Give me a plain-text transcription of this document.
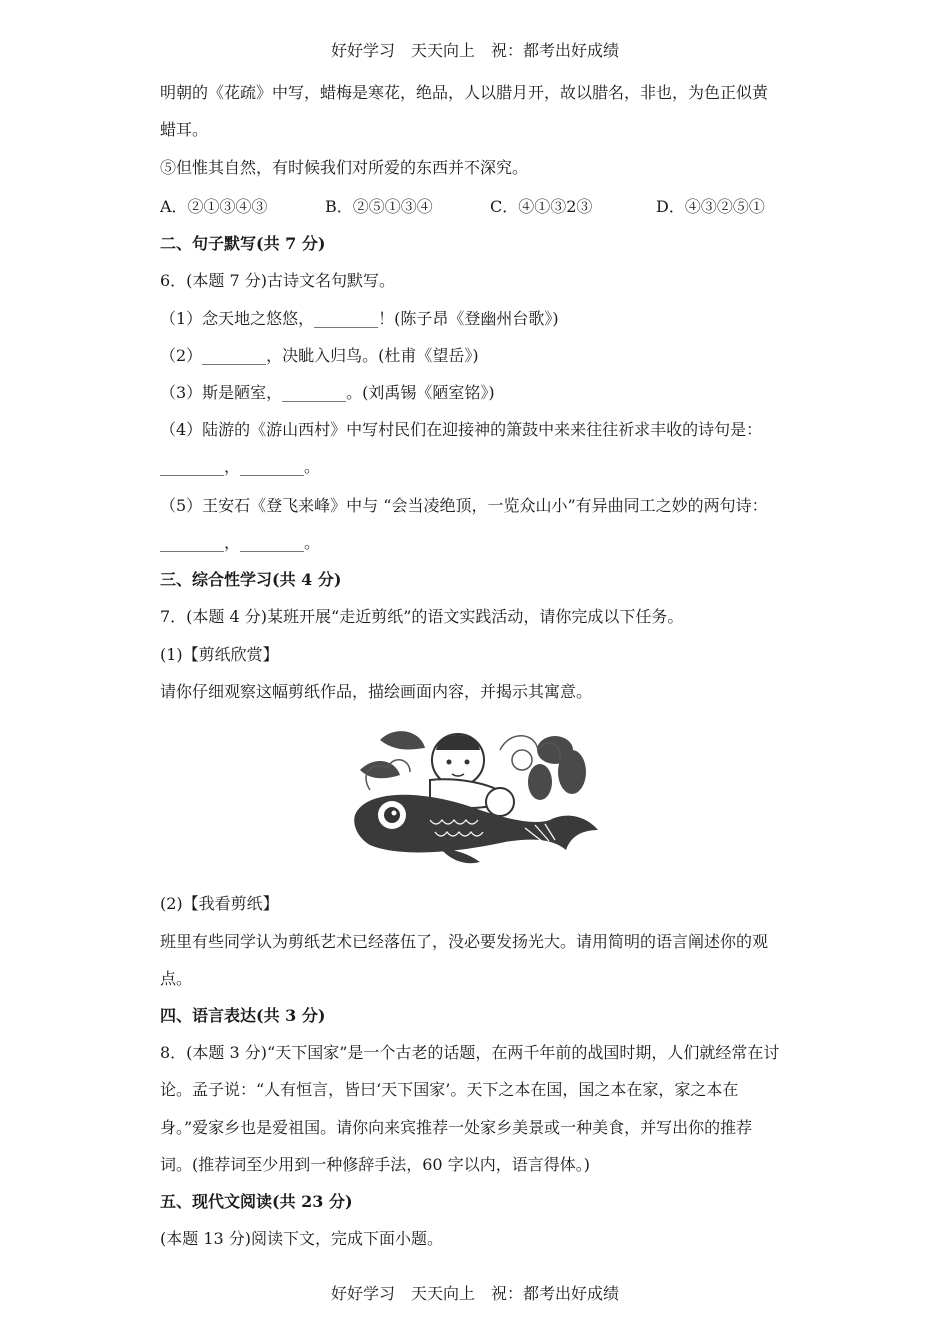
好好学习　天天向上　祝：都考出好成绩
明朝的《花疏》中写，蜡梅是寒花，绝品，人以腊月开，故以腊名，非也，为色正似黄
蜡耳。
⑤但惟其自然，有时候我们对所爱的东西并不深究。
A．②①③④③	B．②⑤①③④	C．④①③2③	D．④③②⑤①
二、句子默写(共 7 分)
6．(本题 7 分)古诗文名句默写。
（1）念天地之悠悠，________！(陈子昂《登幽州台歌》)
（2）________，决眦入归鸟。(杜甫《望岳》)
（3）斯是陋室，________。(刘禹锡《陋室铭》)
（4）陆游的《游山西村》中写村民们在迎接神的箫鼓中来来往往祈求丰收的诗句是：
________，________。
（5）王安石《登飞来峰》中与 “会当凌绝顶，一览众山小”有异曲同工之妙的两句诗：
________，________。
三、综合性学习(共 4 分)
7．(本题 4 分)某班开展“走近剪纸”的语文实践活动，请你完成以下任务。
(1)【剪纸欣赏】
请你仔细观察这幅剪纸作品，描绘画面内容，并揭示其寓意。
(2)【我看剪纸】
班里有些同学认为剪纸艺术已经落伍了，没必要发扬光大。请用简明的语言阐述你的观
点。
四、语言表达(共 3 分)
8．(本题 3 分)“天下国家”是一个古老的话题，在两千年前的战国时期，人们就经常在讨
论。孟子说：“人有恒言，皆曰‘天下国家’。天下之本在国，国之本在家，家之本在
身。”爱家乡也是爱祖国。请你向来宾推荐一处家乡美景或一种美食，并写出你的推荐
词。(推荐词至少用到一种修辞手法，60 字以内，语言得体。)
五、现代文阅读(共 23 分)
(本题 13 分)阅读下文，完成下面小题。
好好学习　天天向上　祝：都考出好成绩
